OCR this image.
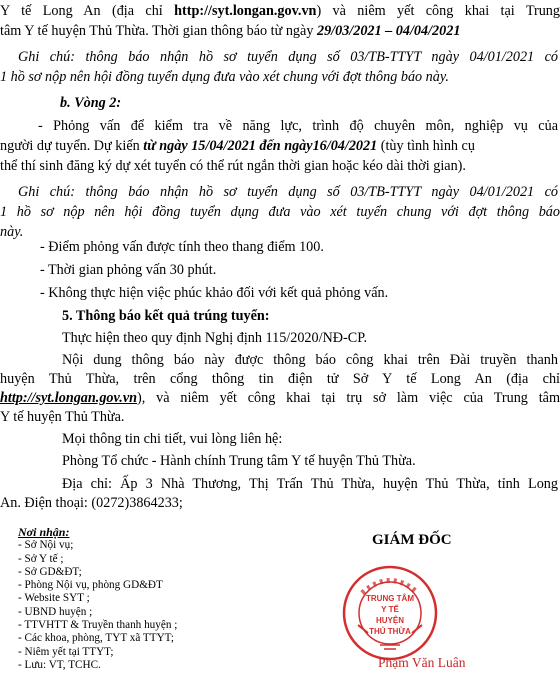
Y tế Long An (địa chỉ http://syt.longan.gov.vn) và niêm yết công khai tại Trung
tâm Y tế huyện Thủ Thừa. Thời gian thông báo từ ngày 29/03/2021 – 04/04/2021
Ghi chú: thông báo nhận hồ sơ tuyển dụng số 03/TB-TTYT ngày 04/01/2021 có
1 hồ sơ nộp nên hội đồng tuyển dụng đưa vào xét chung với đợt thông báo này.
b. Vòng 2:
- Phỏng vấn để kiểm tra về năng lực, trình độ chuyên môn, nghiệp vụ của
người dự tuyển. Dự kiến từ ngày 15/04/2021 đến ngày16/04/2021 (tùy tình hình cụ
thể thí sinh đăng ký dự xét tuyển có thể rút ngắn thời gian hoặc kéo dài thời gian).
Ghi chú: thông báo nhận hồ sơ tuyển dụng số 03/TB-TTYT ngày 04/01/2021 có
1 hồ sơ nộp nên hội đồng tuyển dụng đưa vào xét tuyển chung với đợt thông báo
này.
- Điểm phỏng vấn được tính theo thang điểm 100.
- Thời gian phỏng vấn 30 phút.
- Không thực hiện việc phúc khảo đối với kết quả phỏng vấn.
5. Thông báo kết quả trúng tuyển:
Thực hiện theo quy định Nghị định 115/2020/NĐ-CP.
Nội dung thông báo này được thông báo công khai trên Đài truyền thanh
huyện Thủ Thừa, trên cổng thông tin điện tử Sở Y tế Long An (địa chỉ
http://syt.longan.gov.vn), và niêm yết công khai tại trụ sở làm việc của Trung tâm
Y tế huyện Thủ Thừa.
Mọi thông tin chi tiết, vui lòng liên hệ:
Phòng Tổ chức - Hành chính Trung tâm Y tế huyện Thủ Thừa.
Địa chỉ: Ấp 3 Nhà Thương, Thị Trấn Thủ Thừa, huyện Thủ Thừa, tỉnh Long
An. Điện thoại: (0272)3864233;
Nơi nhận:
- Sở Nội vụ;
- Sở Y tế ;
- Sở GD&ĐT;
- Phòng Nội vụ, phòng GD&ĐT
- Website SYT ;
- UBND huyện ;
- TTVHTT & Truyền thanh huyện ;
- Các khoa, phòng, TYT xã TTYT;
- Niêm yết tại TTYT;
- Lưu: VT, TCHC.
GIÁM ĐỐC
TRUNG TÂM
Y TẾ
HUYỆN
THỦ THỪA
Phạm Văn Luân
